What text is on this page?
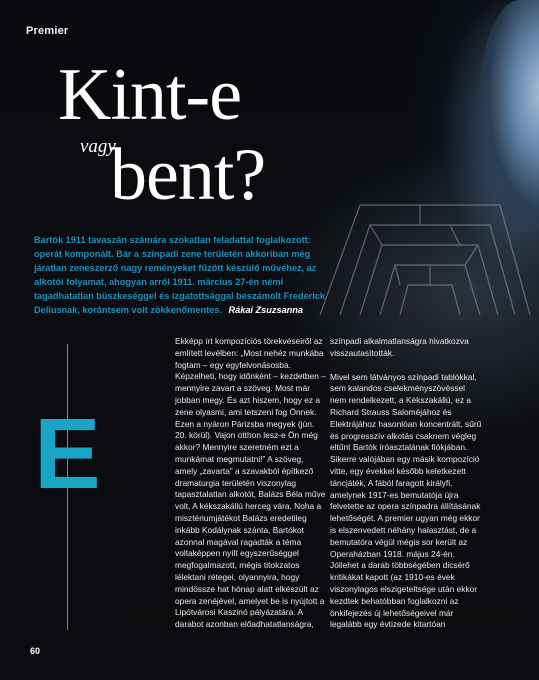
Premier
Kint-e
vagy
bent?
Bartók 1911 tavaszán számára szokatlan feladattal foglalkozott: operát komponált. Bár a színpadi zene területén akkoriban még járatlan zeneszerző nagy reményeket fűzött készülő művéhez, az alkotói folyamat, ahogyan arról 1911. március 27-én némi tagadhatatlan büszkeséggel és izgatottsággal beszámolt Frederick Deliusnak, korántsem volt zökkenőmentes. Rákai Zsuzsanna
E

Ekképp írt kompozíciós törekvéseiről az említett levélben: „Most nehéz munkába fogtam – egy egyfelvonásosba. Képzelheti, hogy időnként – kezdetben – mennyire zavart a szöveg. Most már jobban megy. És azt hiszem, hogy ez a zene olyasmi, ami tetszeni fog Önnek. Ezen a nyáron Párizsba megyek (jún. 20. körül). Vajon otthon lesz-e Ön még akkor? Mennyire szeretném ezt a munkámat megmutatni!” A szöveg, amely „zavarta” a szavakból építkező dramaturgia területén viszonylag tapasztalatlan alkotót, Balázs Béla műve volt, A kékszakállú herceg vára. Noha a misztériumjátékot Balázs eredetileg inkább Kodálynak szánta, Bartókot azonnal magával ragadták a téma voltaképpen nyílt egyszerűséggel megfogalmazott, mégis titokzatos lélektani rétegei, olyannyira, hogy mindössze hat hónap alatt elkészült az opera zenéjével, amelyet be is nyújtott a Lipótvárosi Kaszinó pályázatára. A darabot azonban előadhatatlanságra,

színpadi alkalmatlanságra hivatkozva visszautasították.

Mivel sem látványos színpadi tablókkal, sem kalandos cselekményszövéssel nem rendelkezett, a Kékszakállú, ez a Richard Strauss Saloméjához és Elektrájához hasonlóan koncentrált, sűrű és progresszív alkotás csaknem végleg eltűnt Bartók íróasztalának fiókjában. Sikerre valójában egy másik kompozíció vitte, egy évekkel később keletkezett táncjáték, A fából faragott királyfi, amelynek 1917-es bemutatója újra felvetette az opera színpadra állításának lehetőségét. A premier ugyan még ekkor is elszenvedett néhány halasztást, de a bemutatóra végül mégis sor került az Operaházban 1918. május 24-én. Jóllehet a darab többségében dicsérő kritikákat kapott (az 1910-es évek viszonylagos elszigeteltsége után ekkor kezdtek behatóbban foglalkozni az önkifejezés új lehetőségeivel már legalább egy évtizede kitartóan

60
